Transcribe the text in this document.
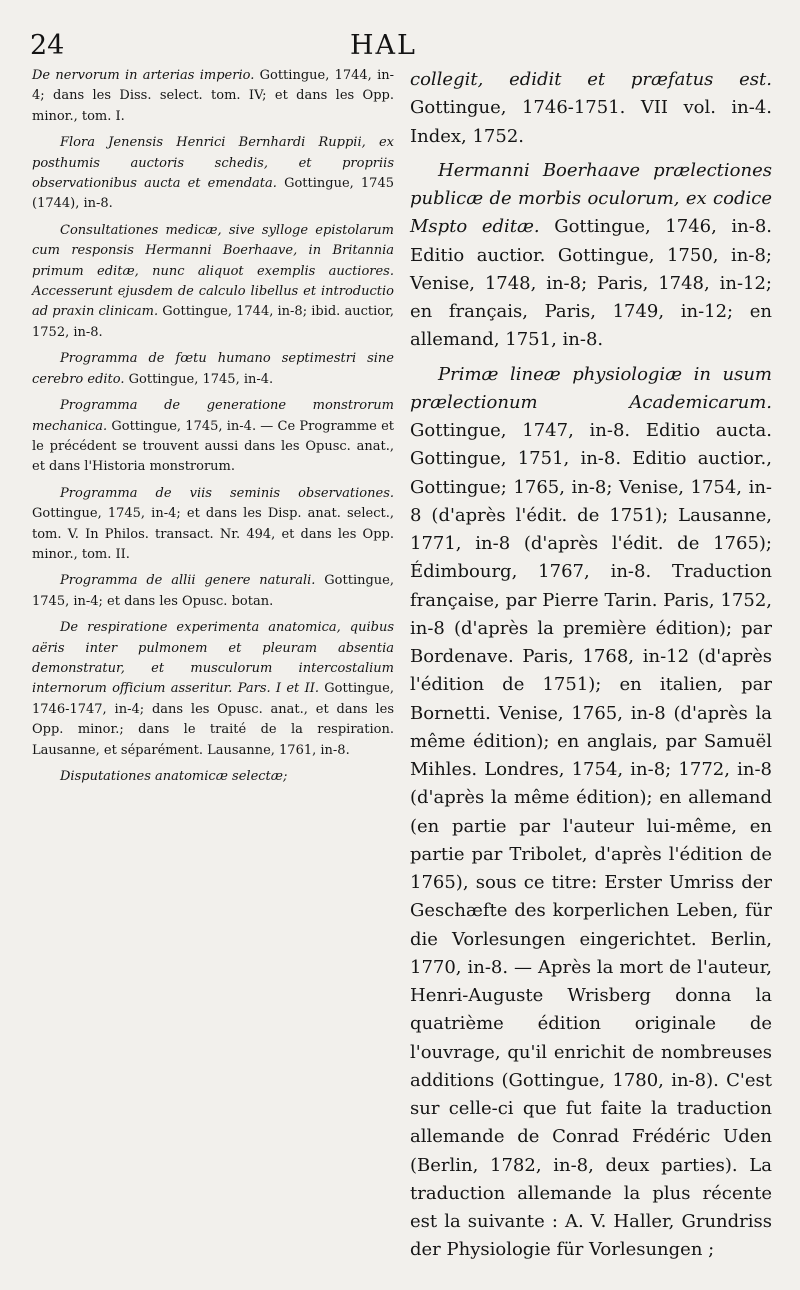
24	HAL

De nervorum in arterias imperio. Gottingue, 1744, in-4; dans les Diss. select. tom. IV; et dans les Opp. minor., tom. I.

Flora Jenensis Henrici Bernhardi Ruppii, ex posthumis auctoris schedis, et propriis observationibus aucta et emendata. Gottingue, 1745 (1744), in-8.

Consultationes medicæ, sive sylloge epistolarum cum responsis Hermanni Boerhaave, in Britannia primum editæ, nunc aliquot exemplis auctiores. Accesserunt ejusdem de calculo libellus et introductio ad praxin clinicam. Gottingue, 1744, in-8; ibid. auctior, 1752, in-8.

Programma de fœtu humano septimestri sine cerebro edito. Gottingue, 1745, in-4.

Programma de generatione monstrorum mechanica. Gottingue, 1745, in-4. — Ce Programme et le précédent se trouvent aussi dans les Opusc. anat., et dans l'Historia monstrorum.

Programma de viis seminis observationes. Gottingue, 1745, in-4; et dans les Disp. anat. select., tom. V. In Philos. transact. Nr. 494, et dans les Opp. minor., tom. II.

Programma de allii genere naturali. Gottingue, 1745, in-4; et dans les Opusc. botan.

De respiratione experimenta anatomica, quibus aëris inter pulmonem et pleuram absentia demonstratur, et musculorum intercostalium internorum officium asseritur. Pars. I et II. Gottingue, 1746-1747, in-4; dans les Opusc. anat., et dans les Opp. minor.; dans le traité de la respiration. Lausanne, et séparément. Lausanne, 1761, in-8.

Disputationes anatomicæ selectæ;

collegit, edidit et præfatus est. Gottingue, 1746-1751. VII vol. in-4. Index, 1752.

Hermanni Boerhaave prælectiones publicæ de morbis oculorum, ex codice Mspto editæ. Gottingue, 1746, in-8. Editio auctior. Gottingue, 1750, in-8; Venise, 1748, in-8; Paris, 1748, in-12; en français, Paris, 1749, in-12; en allemand, 1751, in-8.

Primæ lineæ physiologiæ in usum prælectionum Academicarum. Gottingue, 1747, in-8. Editio aucta. Gottingue, 1751, in-8. Editio auctior., Gottingue; 1765, in-8; Venise, 1754, in-8 (d'après l'édit. de 1751); Lausanne, 1771, in-8 (d'après l'édit. de 1765); Édimbourg, 1767, in-8. Traduction française, par Pierre Tarin. Paris, 1752, in-8 (d'après la première édition); par Bordenave. Paris, 1768, in-12 (d'après l'édition de 1751); en italien, par Bornetti. Venise, 1765, in-8 (d'après la même édition); en anglais, par Samuël Mihles. Londres, 1754, in-8; 1772, in-8 (d'après la même édition); en allemand (en partie par l'auteur lui-même, en partie par Tribolet, d'après l'édition de 1765), sous ce titre: Erster Umriss der Geschæfte des korperlichen Leben, für die Vorlesungen eingerichtet. Berlin, 1770, in-8. — Après la mort de l'auteur, Henri-Auguste Wrisberg donna la quatrième édition originale de l'ouvrage, qu'il enrichit de nombreuses additions (Gottingue, 1780, in-8). C'est sur celle-ci que fut faite la traduction allemande de Conrad Frédéric Uden (Berlin, 1782, in-8, deux parties). La traduction allemande la plus récente est la suivante : A. V. Haller, Grundriss der Physiologie für Vorlesungen ;
